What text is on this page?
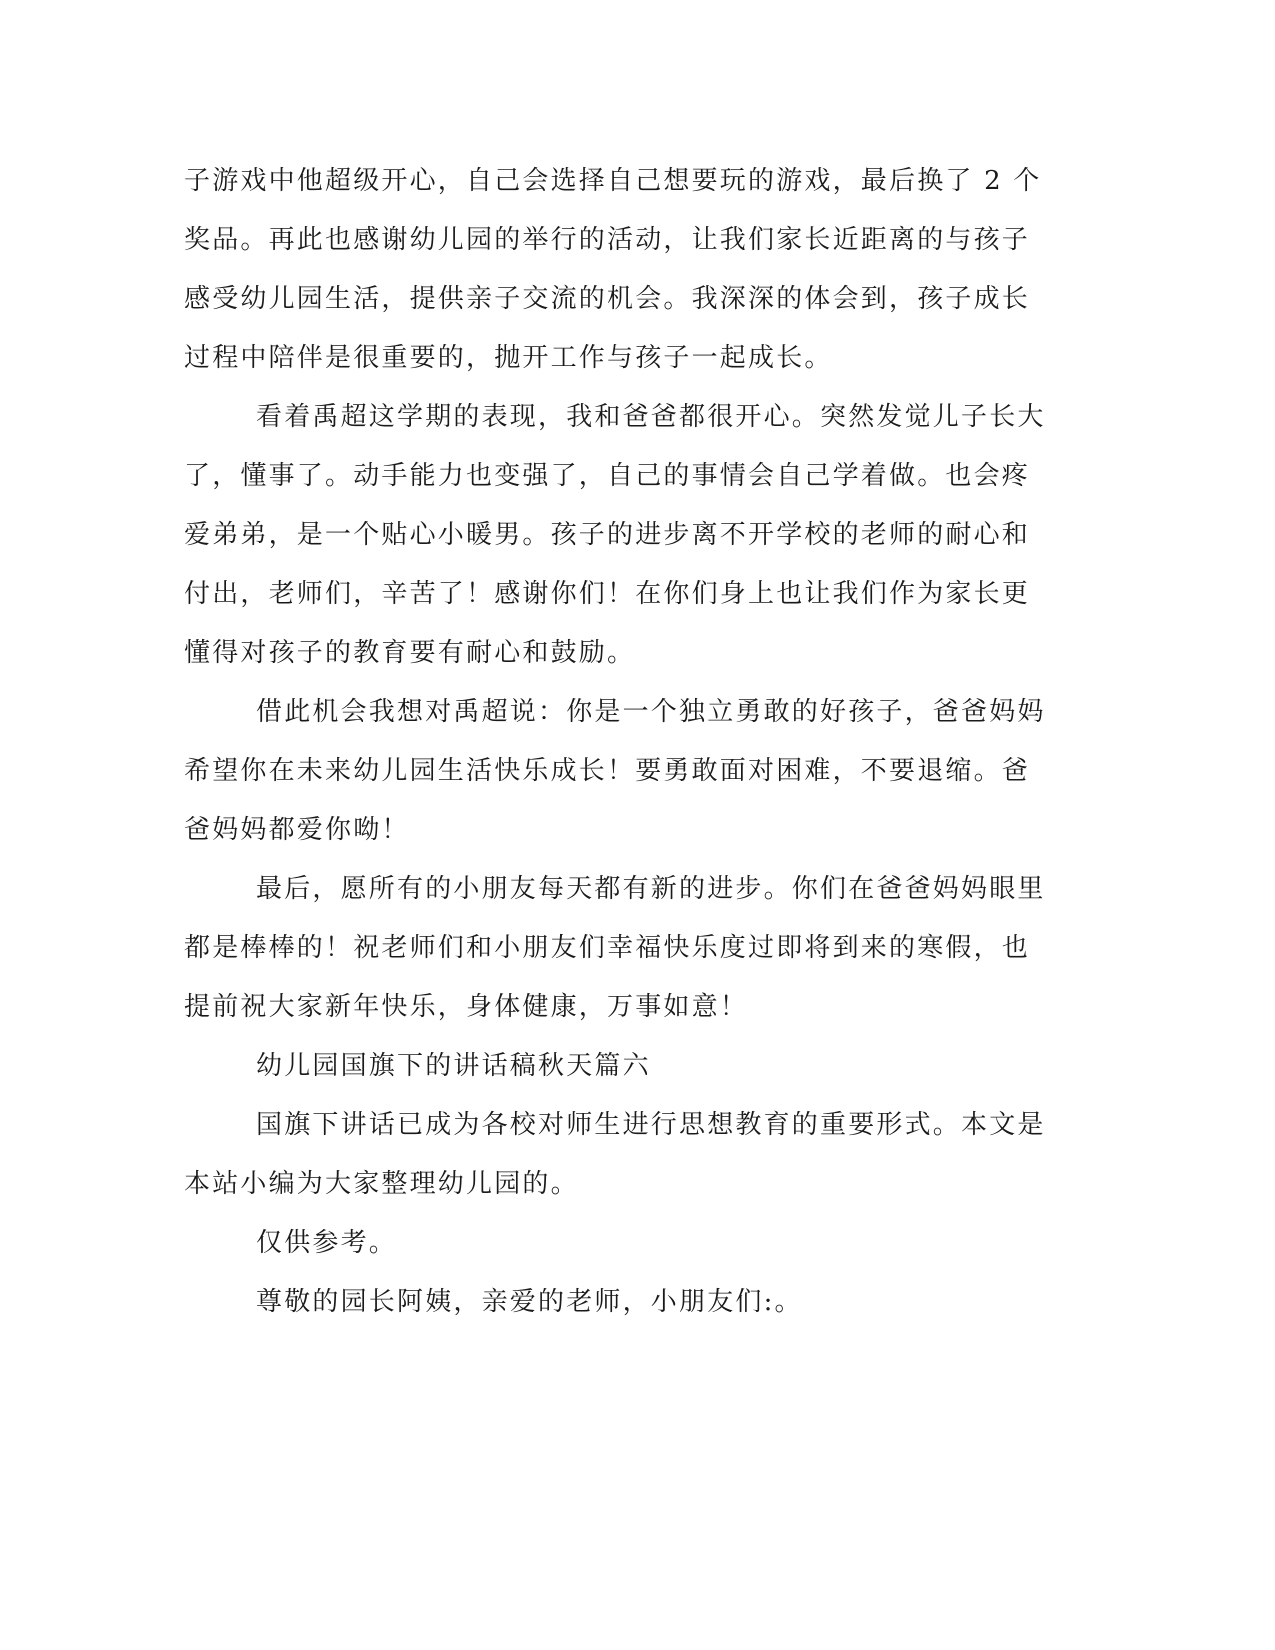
子游戏中他超级开心，自己会选择自己想要玩的游戏，最后换了 2 个
奖品。再此也感谢幼儿园的举行的活动，让我们家长近距离的与孩子
感受幼儿园生活，提供亲子交流的机会。我深深的体会到，孩子成长
过程中陪伴是很重要的，抛开工作与孩子一起成长。
看着禹超这学期的表现，我和爸爸都很开心。突然发觉儿子长大
了，懂事了。动手能力也变强了，自己的事情会自己学着做。也会疼
爱弟弟，是一个贴心小暖男。孩子的进步离不开学校的老师的耐心和
付出，老师们，辛苦了！感谢你们！在你们身上也让我们作为家长更
懂得对孩子的教育要有耐心和鼓励。
借此机会我想对禹超说：你是一个独立勇敢的好孩子，爸爸妈妈
希望你在未来幼儿园生活快乐成长！要勇敢面对困难，不要退缩。爸
爸妈妈都爱你呦！
最后，愿所有的小朋友每天都有新的进步。你们在爸爸妈妈眼里
都是棒棒的！祝老师们和小朋友们幸福快乐度过即将到来的寒假，也
提前祝大家新年快乐，身体健康，万事如意！
幼儿园国旗下的讲话稿秋天篇六
国旗下讲话已成为各校对师生进行思想教育的重要形式。本文是
本站小编为大家整理幼儿园的。
仅供参考。
尊敬的园长阿姨，亲爱的老师，小朋友们:。
